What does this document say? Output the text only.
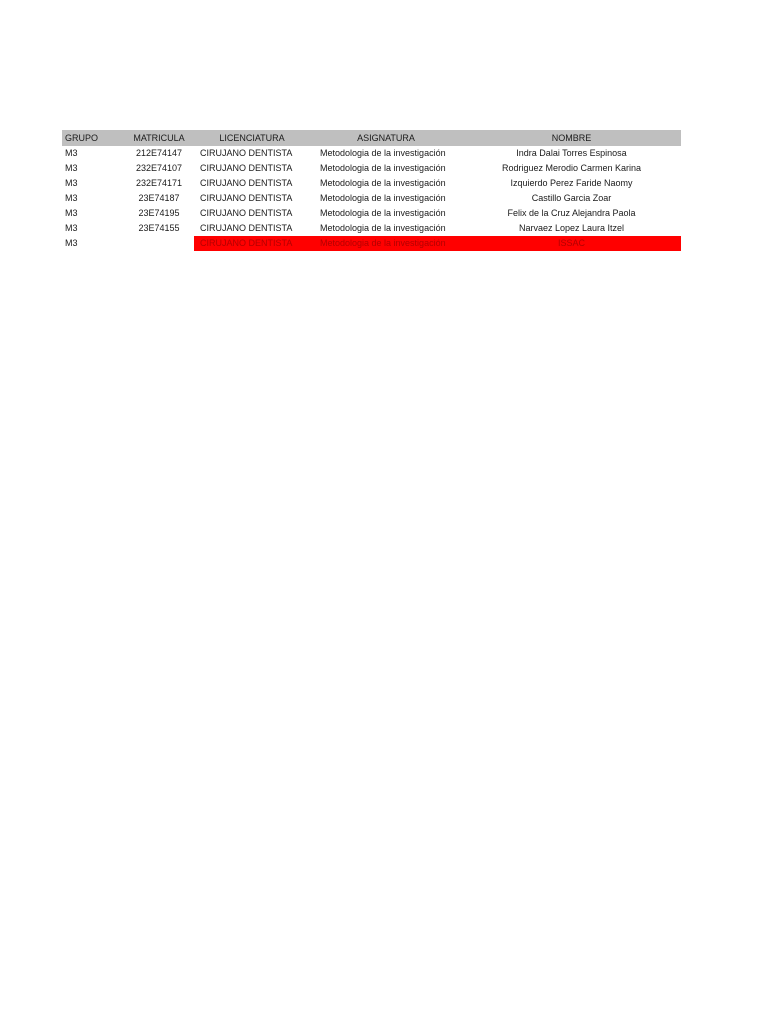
GRUPO	MATRICULA	LICENCIATURA	ASIGNATURA	NOMBRE
M3	212E74147	CIRUJANO DENTISTA	Metodologia de la investigación	Indra Dalai Torres Espinosa
M3	232E74107	CIRUJANO DENTISTA	Metodologia de la investigación	Rodriguez Merodio Carmen Karina
M3	232E74171	CIRUJANO DENTISTA	Metodologia de la investigación	Izquierdo Perez Faride Naomy
M3	23E74187	CIRUJANO DENTISTA	Metodologia de la investigación	Castillo Garcia Zoar
M3	23E74195	CIRUJANO DENTISTA	Metodologia de la investigación	Felix de la Cruz Alejandra Paola
M3	23E74155	CIRUJANO DENTISTA	Metodologia de la investigación	Narvaez Lopez Laura Itzel
M3		CIRUJANO DENTISTA	Metodologia de la investigación	ISSAC
